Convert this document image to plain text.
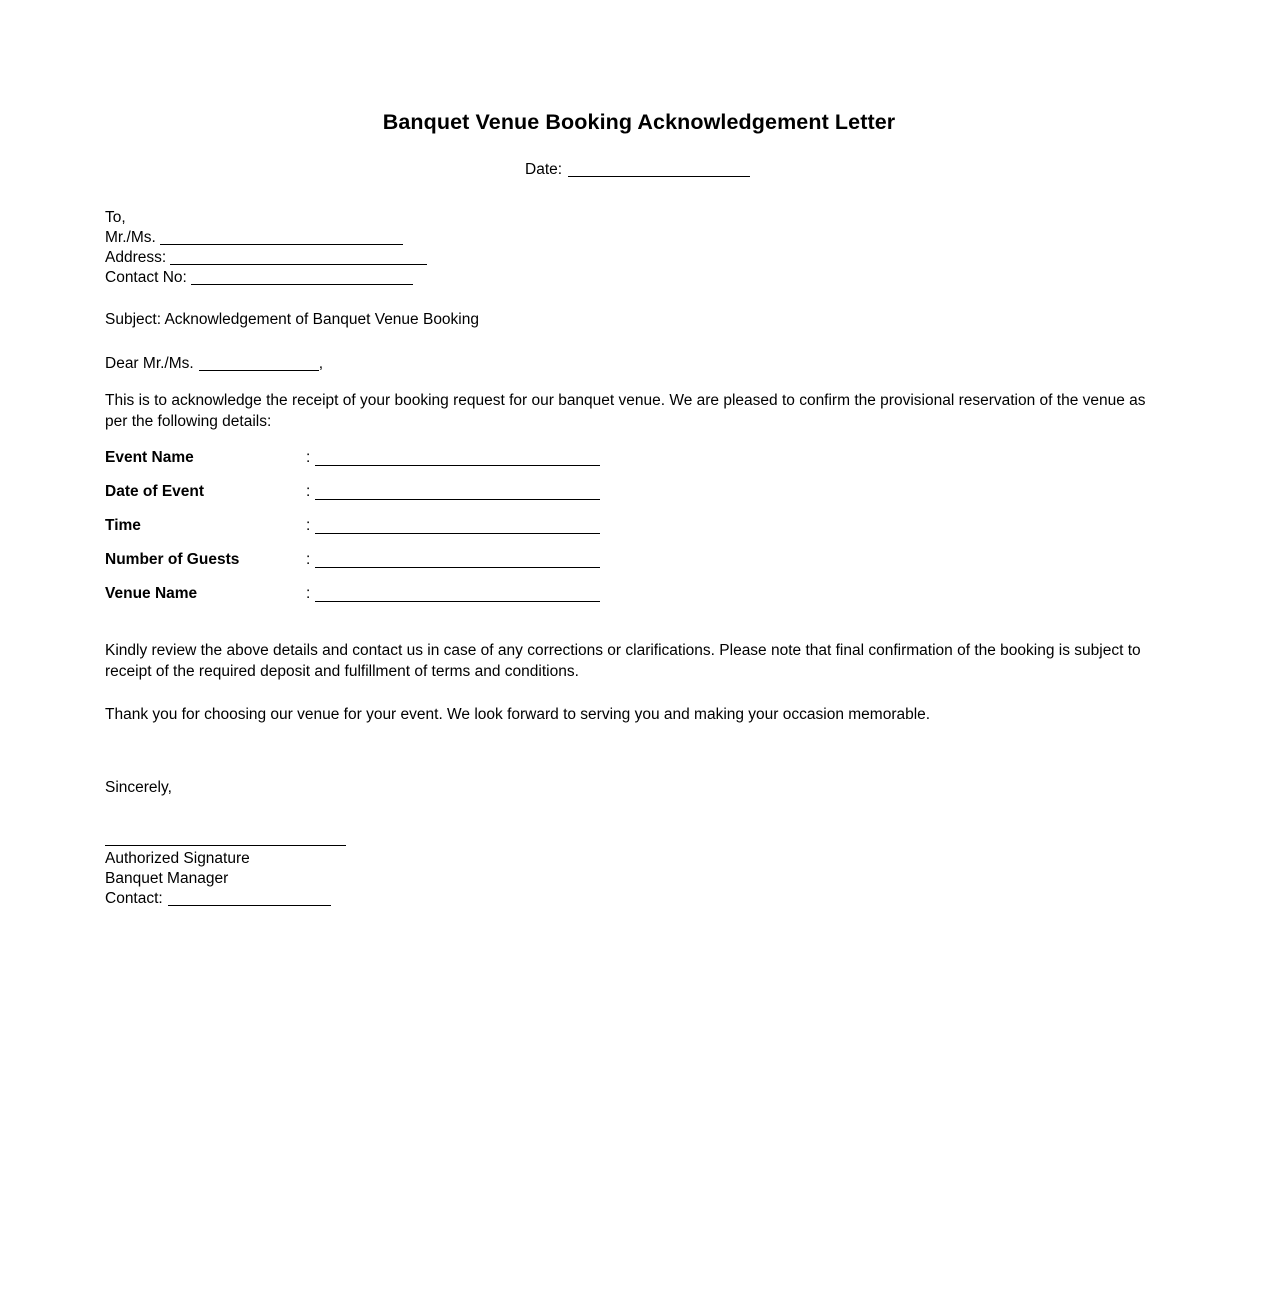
Banquet Venue Booking Acknowledgement Letter
Date:
To,
Mr./Ms.
Address:
Contact No:
Subject: Acknowledgement of Banquet Venue Booking
Dear Mr./Ms.	,
This is to acknowledge the receipt of your booking request for our banquet venue. We are pleased to confirm the provisional reservation of the venue as per the following details:
Event Name	:
Date of Event	:
Time	:
Number of Guests	:
Venue Name	:
Kindly review the above details and contact us in case of any corrections or clarifications. Please note that final confirmation of the booking is subject to receipt of the required deposit and fulfillment of terms and conditions.
Thank you for choosing our venue for your event. We look forward to serving you and making your occasion memorable.
Sincerely,
Authorized Signature
Banquet Manager
Contact:
